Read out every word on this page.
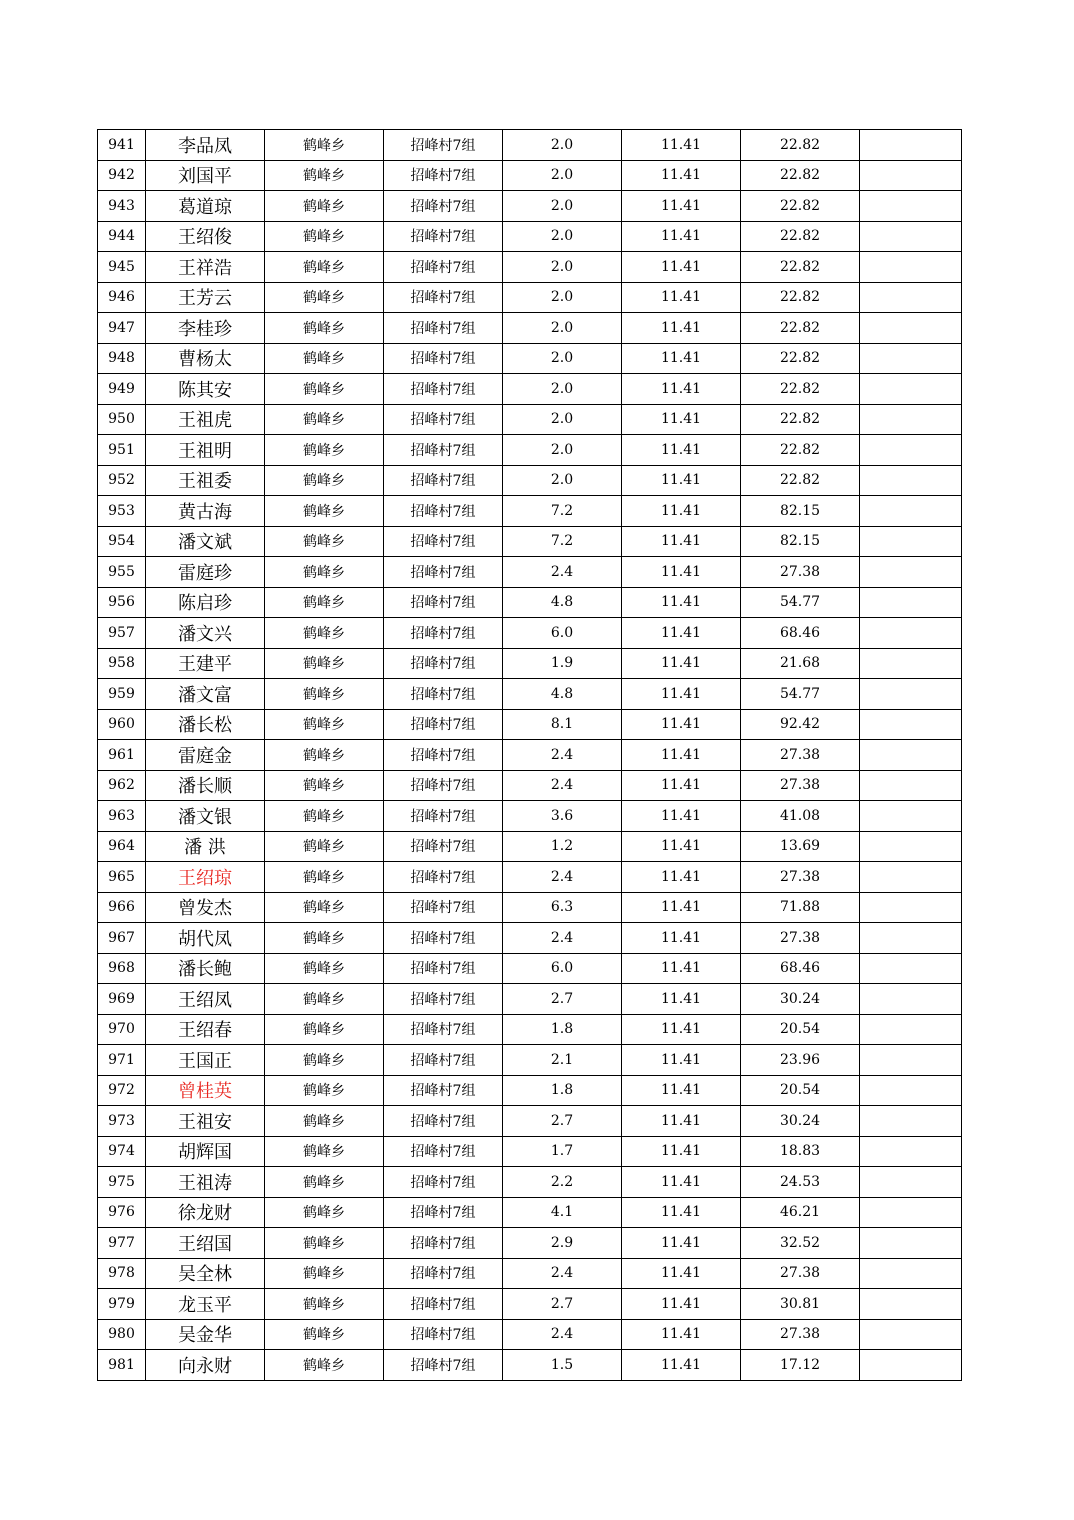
941	李品凤	鹤峰乡	招峰村7组	2.0	11.41	22.82	
942	刘国平	鹤峰乡	招峰村7组	2.0	11.41	22.82	
943	葛道琼	鹤峰乡	招峰村7组	2.0	11.41	22.82	
944	王绍俊	鹤峰乡	招峰村7组	2.0	11.41	22.82	
945	王祥浩	鹤峰乡	招峰村7组	2.0	11.41	22.82	
946	王芳云	鹤峰乡	招峰村7组	2.0	11.41	22.82	
947	李桂珍	鹤峰乡	招峰村7组	2.0	11.41	22.82	
948	曹杨太	鹤峰乡	招峰村7组	2.0	11.41	22.82	
949	陈其安	鹤峰乡	招峰村7组	2.0	11.41	22.82	
950	王祖虎	鹤峰乡	招峰村7组	2.0	11.41	22.82	
951	王祖明	鹤峰乡	招峰村7组	2.0	11.41	22.82	
952	王祖委	鹤峰乡	招峰村7组	2.0	11.41	22.82	
953	黄古海	鹤峰乡	招峰村7组	7.2	11.41	82.15	
954	潘文斌	鹤峰乡	招峰村7组	7.2	11.41	82.15	
955	雷庭珍	鹤峰乡	招峰村7组	2.4	11.41	27.38	
956	陈启珍	鹤峰乡	招峰村7组	4.8	11.41	54.77	
957	潘文兴	鹤峰乡	招峰村7组	6.0	11.41	68.46	
958	王建平	鹤峰乡	招峰村7组	1.9	11.41	21.68	
959	潘文富	鹤峰乡	招峰村7组	4.8	11.41	54.77	
960	潘长松	鹤峰乡	招峰村7组	8.1	11.41	92.42	
961	雷庭金	鹤峰乡	招峰村7组	2.4	11.41	27.38	
962	潘长顺	鹤峰乡	招峰村7组	2.4	11.41	27.38	
963	潘文银	鹤峰乡	招峰村7组	3.6	11.41	41.08	
964	潘 洪	鹤峰乡	招峰村7组	1.2	11.41	13.69	
965	王绍琼	鹤峰乡	招峰村7组	2.4	11.41	27.38	
966	曾发杰	鹤峰乡	招峰村7组	6.3	11.41	71.88	
967	胡代凤	鹤峰乡	招峰村7组	2.4	11.41	27.38	
968	潘长鲍	鹤峰乡	招峰村7组	6.0	11.41	68.46	
969	王绍凤	鹤峰乡	招峰村7组	2.7	11.41	30.24	
970	王绍春	鹤峰乡	招峰村7组	1.8	11.41	20.54	
971	王国正	鹤峰乡	招峰村7组	2.1	11.41	23.96	
972	曾桂英	鹤峰乡	招峰村7组	1.8	11.41	20.54	
973	王祖安	鹤峰乡	招峰村7组	2.7	11.41	30.24	
974	胡辉国	鹤峰乡	招峰村7组	1.7	11.41	18.83	
975	王祖涛	鹤峰乡	招峰村7组	2.2	11.41	24.53	
976	徐龙财	鹤峰乡	招峰村7组	4.1	11.41	46.21	
977	王绍国	鹤峰乡	招峰村7组	2.9	11.41	32.52	
978	吴全林	鹤峰乡	招峰村7组	2.4	11.41	27.38	
979	龙玉平	鹤峰乡	招峰村7组	2.7	11.41	30.81	
980	吴金华	鹤峰乡	招峰村7组	2.4	11.41	27.38	
981	向永财	鹤峰乡	招峰村7组	1.5	11.41	17.12	
